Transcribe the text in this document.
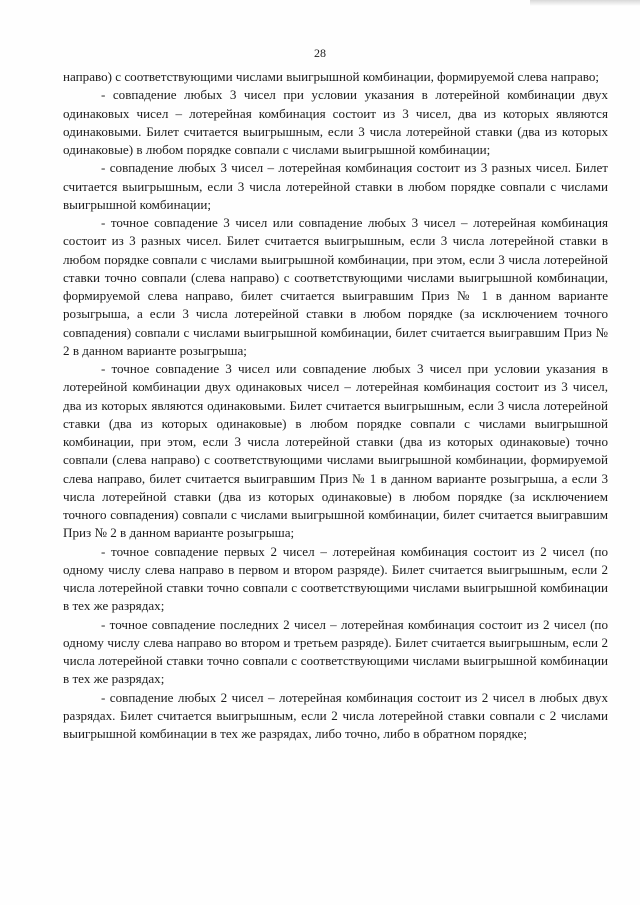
28

направо) с соответствующими числами выигрышной комбинации, формируемой слева направо;

- совпадение любых 3 чисел при условии указания в лотерейной комбинации двух одинаковых чисел – лотерейная комбинация состоит из 3 чисел, два из которых являются одинаковыми. Билет считается выигрышным, если 3 числа лотерейной ставки (два из которых одинаковые) в любом порядке совпали с числами выигрышной комбинации;

- совпадение любых 3 чисел – лотерейная комбинация состоит из 3 разных чисел. Билет считается выигрышным, если 3 числа лотерейной ставки в любом порядке совпали с числами выигрышной комбинации;

- точное совпадение 3 чисел или совпадение любых 3 чисел – лотерейная комбинация состоит из 3 разных чисел. Билет считается выигрышным, если 3 числа лотерейной ставки в любом порядке совпали с числами выигрышной комбинации, при этом, если 3 числа лотерейной ставки точно совпали (слева направо) с соответствующими числами выигрышной комбинации, формируемой слева направо, билет считается выигравшим Приз № 1 в данном варианте розыгрыша, а если 3 числа лотерейной ставки в любом порядке (за исключением точного совпадения) совпали с числами выигрышной комбинации, билет считается выигравшим Приз № 2 в данном варианте розыгрыша;

- точное совпадение 3 чисел или совпадение любых 3 чисел при условии указания в лотерейной комбинации двух одинаковых чисел – лотерейная комбинация состоит из 3 чисел, два из которых являются одинаковыми. Билет считается выигрышным, если 3 числа лотерейной ставки (два из которых одинаковые) в любом порядке совпали с числами выигрышной комбинации, при этом, если 3 числа лотерейной ставки (два из которых одинаковые) точно совпали (слева направо) с соответствующими числами выигрышной комбинации, формируемой слева направо, билет считается выигравшим Приз № 1 в данном варианте розыгрыша, а если 3 числа лотерейной ставки (два из которых одинаковые) в любом порядке (за исключением точного совпадения) совпали с числами выигрышной комбинации, билет считается выигравшим Приз № 2 в данном варианте розыгрыша;

- точное совпадение первых 2 чисел – лотерейная комбинация состоит из 2 чисел (по одному числу слева направо в первом и втором разряде). Билет считается выигрышным, если 2 числа лотерейной ставки точно совпали с соответствующими числами выигрышной комбинации в тех же разрядах;

- точное совпадение последних 2 чисел – лотерейная комбинация состоит из 2 чисел (по одному числу слева направо во втором и третьем разряде). Билет считается выигрышным, если 2 числа лотерейной ставки точно совпали с соответствующими числами выигрышной комбинации в тех же разрядах;

- совпадение любых 2 чисел – лотерейная комбинация состоит из 2 чисел в любых двух разрядах. Билет считается выигрышным, если 2 числа лотерейной ставки совпали с 2 числами выигрышной комбинации в тех же разрядах, либо точно, либо в обратном порядке;
